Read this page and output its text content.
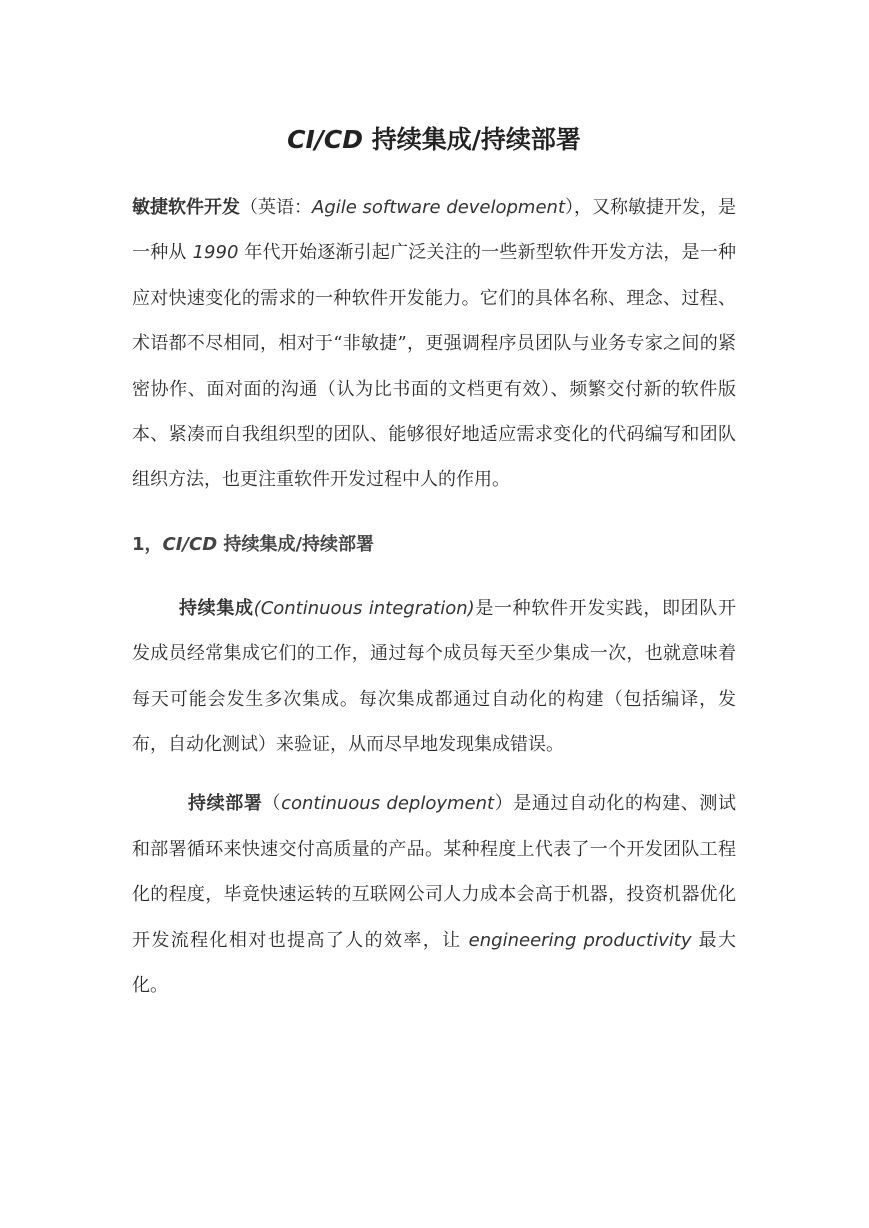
CI/CD 持续集成/持续部署

敏捷软件开发（英语：Agile software development），又称敏捷开发，是一种从 1990 年代开始逐渐引起广泛关注的一些新型软件开发方法，是一种应对快速变化的需求的一种软件开发能力。它们的具体名称、理念、过程、术语都不尽相同，相对于“非敏捷”，更强调程序员团队与业务专家之间的紧密协作、面对面的沟通（认为比书面的文档更有效）、频繁交付新的软件版本、紧凑而自我组织型的团队、能够很好地适应需求变化的代码编写和团队组织方法，也更注重软件开发过程中人的作用。

1，CI/CD 持续集成/持续部署

持续集成(Continuous integration)是一种软件开发实践，即团队开发成员经常集成它们的工作，通过每个成员每天至少集成一次，也就意味着每天可能会发生多次集成。每次集成都通过自动化的构建（包括编译，发布，自动化测试）来验证，从而尽早地发现集成错误。

持续部署（continuous deployment）是通过自动化的构建、测试和部署循环来快速交付高质量的产品。某种程度上代表了一个开发团队工程化的程度，毕竟快速运转的互联网公司人力成本会高于机器，投资机器优化开发流程化相对也提高了人的效率，让 engineering productivity 最大化。
